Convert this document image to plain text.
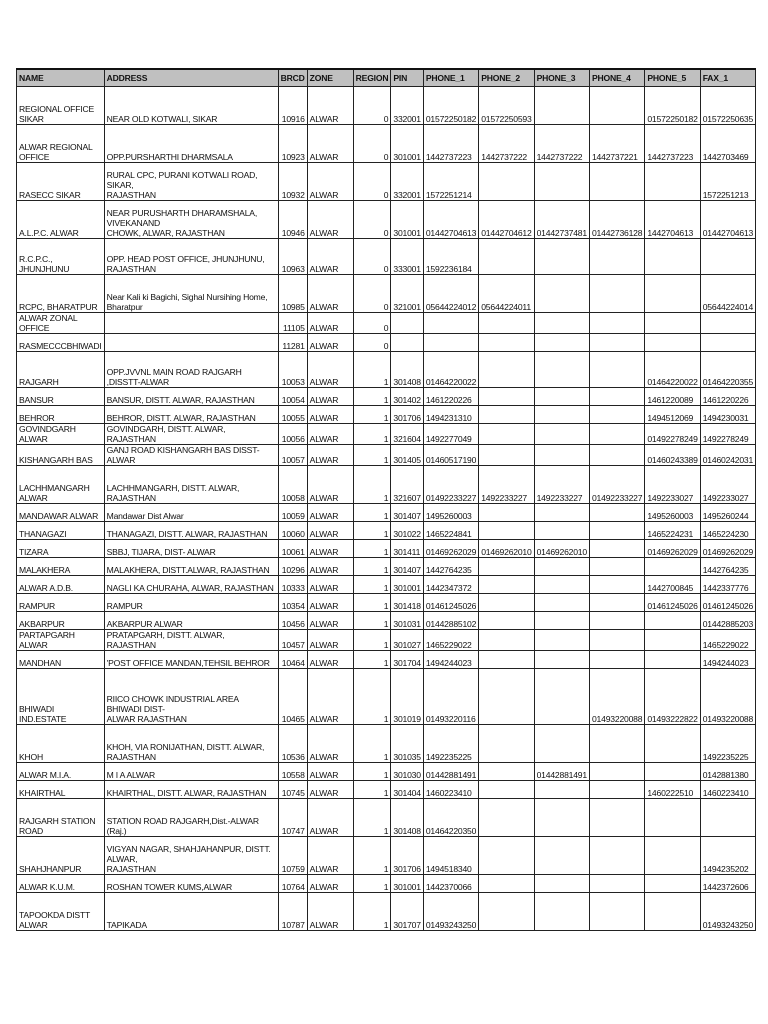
NAME	ADDRESS	BRCD	ZONE	REGION	PIN	PHONE_1	PHONE_2	PHONE_3	PHONE_4	PHONE_5	FAX_1
REGIONAL OFFICE
SIKAR	NEAR OLD KOTWALI, SIKAR	10916	ALWAR	0	332001	01572250182	01572250593			01572250182	01572250635
ALWAR REGIONAL
OFFICE	OPP.PURSHARTHI DHARMSALA	10923	ALWAR	0	301001	1442737223	1442737222	1442737222	1442737221	1442737223	1442703469
RASECC SIKAR	RURAL CPC, PURANI KOTWALI ROAD, SIKAR,
RAJASTHAN	10932	ALWAR	0	332001	1572251214					1572251213
A.L.P.C. ALWAR	NEAR PURUSHARTH DHARAMSHALA, VIVEKANAND
CHOWK, ALWAR, RAJASTHAN	10946	ALWAR	0	301001	01442704613	01442704612	01442737481	01442736128	1442704613	01442704613
R.C.P.C., JHUNJHUNU	OPP. HEAD POST OFFICE, JHUNJHUNU,
RAJASTHAN	10963	ALWAR	0	333001	1592236184					
RCPC, BHARATPUR	Near Kali ki Bagichi, Sighal Nursihing Home, Bharatpur	10985	ALWAR	0	321001	05644224012	05644224011				05644224014
ALWAR ZONAL OFFICE		11105	ALWAR	0							
RASMECCCBHIWADI		11281	ALWAR	0							
RAJGARH	OPP.JVVNL MAIN ROAD RAJGARH ,DISSTT-ALWAR	10053	ALWAR	1	301408	01464220022				01464220022	01464220355
BANSUR	BANSUR, DISTT. ALWAR, RAJASTHAN	10054	ALWAR	1	301402	1461220226				1461220089	1461220226
BEHROR	BEHROR, DISTT. ALWAR, RAJASTHAN	10055	ALWAR	1	301706	1494231310				1494512069	1494230031
GOVINDGARH ALWAR	GOVINDGARH, DISTT. ALWAR, RAJASTHAN	10056	ALWAR	1	321604	1492277049				01492278249	1492278249
KISHANGARH BAS	GANJ ROAD KISHANGARH BAS DISST- ALWAR	10057	ALWAR	1	301405	01460517190				01460243389	01460242031
LACHHMANGARH
ALWAR	LACHHMANGARH, DISTT. ALWAR, RAJASTHAN	10058	ALWAR	1	321607	01492233227	1492233227	1492233227	01492233227	1492233027	1492233027
MANDAWAR ALWAR	Mandawar Dist Alwar	10059	ALWAR	1	301407	1495260003				1495260003	1495260244
THANAGAZI	THANAGAZI, DISTT. ALWAR, RAJASTHAN	10060	ALWAR	1	301022	1465224841				1465224231	1465224230
TIZARA	SBBJ, TIJARA, DIST- ALWAR	10061	ALWAR	1	301411	01469262029	01469262010	01469262010		01469262029	01469262029
MALAKHERA	MALAKHERA, DISTT.ALWAR, RAJASTHAN	10296	ALWAR	1	301407	1442764235					1442764235
ALWAR A.D.B.	NAGLI KA CHURAHA, ALWAR, RAJASTHAN	10333	ALWAR	1	301001	1442347372				1442700845	1442337776
RAMPUR	RAMPUR	10354	ALWAR	1	301418	01461245026				01461245026	01461245026
AKBARPUR	AKBARPUR ALWAR	10456	ALWAR	1	301031	01442885102					01442885203
PARTAPGARH ALWAR	PRATAPGARH, DISTT. ALWAR, RAJASTHAN	10457	ALWAR	1	301027	1465229022					1465229022
MANDHAN	'POST OFFICE MANDAN,TEHSIL BEHROR	10464	ALWAR	1	301704	1494244023					1494244023
BHIWADI IND.ESTATE	RIICO CHOWK INDUSTRIAL AREA BHIWADI DIST-
ALWAR RAJASTHAN	10465	ALWAR	1	301019	01493220116			01493220088	01493222822	01493220088
KHOH	KHOH, VIA RONIJATHAN, DISTT. ALWAR,
RAJASTHAN	10536	ALWAR	1	301035	1492235225					1492235225
ALWAR M.I.A.	M I A ALWAR	10558	ALWAR	1	301030	01442881491		01442881491			0142881380
KHAIRTHAL	KHAIRTHAL, DISTT. ALWAR, RAJASTHAN	10745	ALWAR	1	301404	1460223410				1460222510	1460223410
RAJGARH STATION
ROAD	STATION ROAD RAJGARH,Dist.-ALWAR (Raj.)	10747	ALWAR	1	301408	01464220350					
SHAHJHANPUR	VIGYAN NAGAR, SHAHJAHANPUR, DISTT. ALWAR,
RAJASTHAN	10759	ALWAR	1	301706	1494518340					1494235202
ALWAR K.U.M.	ROSHAN TOWER KUMS,ALWAR	10764	ALWAR	1	301001	1442370066					1442372606
TAPOOKDA DISTT
ALWAR	TAPIKADA	10787	ALWAR	1	301707	01493243250					01493243250
